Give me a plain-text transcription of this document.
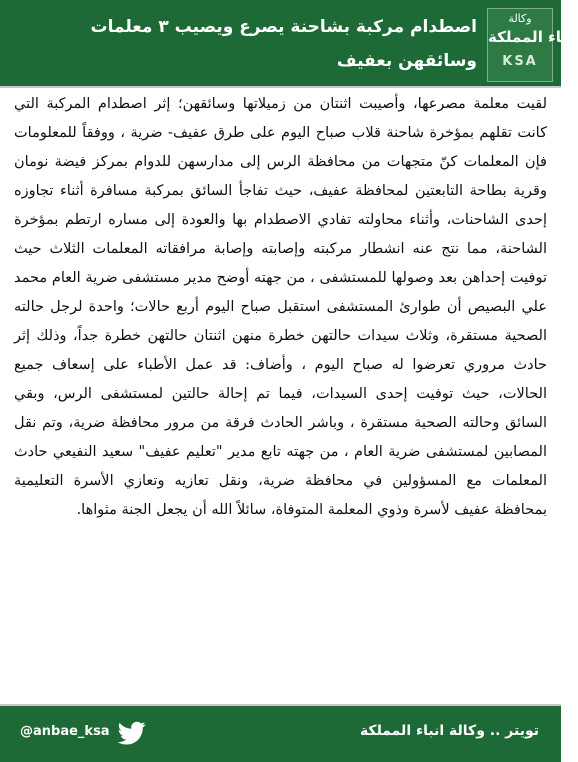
وكالة
انباء المملكة
KSA
اصطدام مركبة بشاحنة يصرع ويصيب ٣ معلمات وسائقهن بعفيف

لقيت معلمة مصرعها، وأصيبت اثنتان من زميلاتها وسائقهن؛ إثر اصطدام المركبة التي كانت تقلهم بمؤخرة شاحنة قلاب صباح اليوم على طرق عفيف- ضرية ، ووفقاً للمعلومات فإن المعلمات كنّ متجهات من محافظة الرس إلى مدارسهن للدوام بمركز فيضة نومان وقرية بطاحة التابعتين لمحافظة عفيف، حيث تفاجأ السائق بمركبة مسافرة أثناء تجاوزه إحدى الشاحنات، وأثناء محاولته تفادي الاصطدام بها والعودة إلى مساره ارتطم بمؤخرة الشاحنة، مما نتج عنه انشطار مركبته وإصابته وإصابة مرافقاته المعلمات الثلاث حيث توفيت إحداهن بعد وصولها للمستشفى ، من جهته أوضح مدير مستشفى ضرية العام محمد علي البصيص أن طوارئ المستشفى استقبل صباح اليوم أربع حالات؛ واحدة لرجل حالته الصحية مستقرة، وثلاث سيدات حالتهن خطرة منهن اثنتان حالتهن خطرة جداً، وذلك إثر حادث مروري تعرضوا له صباح اليوم ، وأضاف: قد عمل الأطباء على إسعاف جميع الحالات، حيث توفيت إحدى السيدات، فيما تم إحالة حالتين لمستشفى الرس، وبقي السائق وحالته الصحية مستقرة ، وباشر الحادث فرقة من مرور محافظة ضرية، وتم نقل المصابين لمستشفى ضرية العام ، من جهته تابع مدير "تعليم عفيف" سعيد النفيعي حادث المعلمات مع المسؤولين في محافظة ضرية، ونقل تعازيه وتعازي الأسرة التعليمية بمحافظة عفيف لأسرة وذوي المعلمة المتوفاة، سائلاً الله أن يجعل الجنة مثواها.

تويتر .. وكالة انباء المملكة
@anbae_ksa
